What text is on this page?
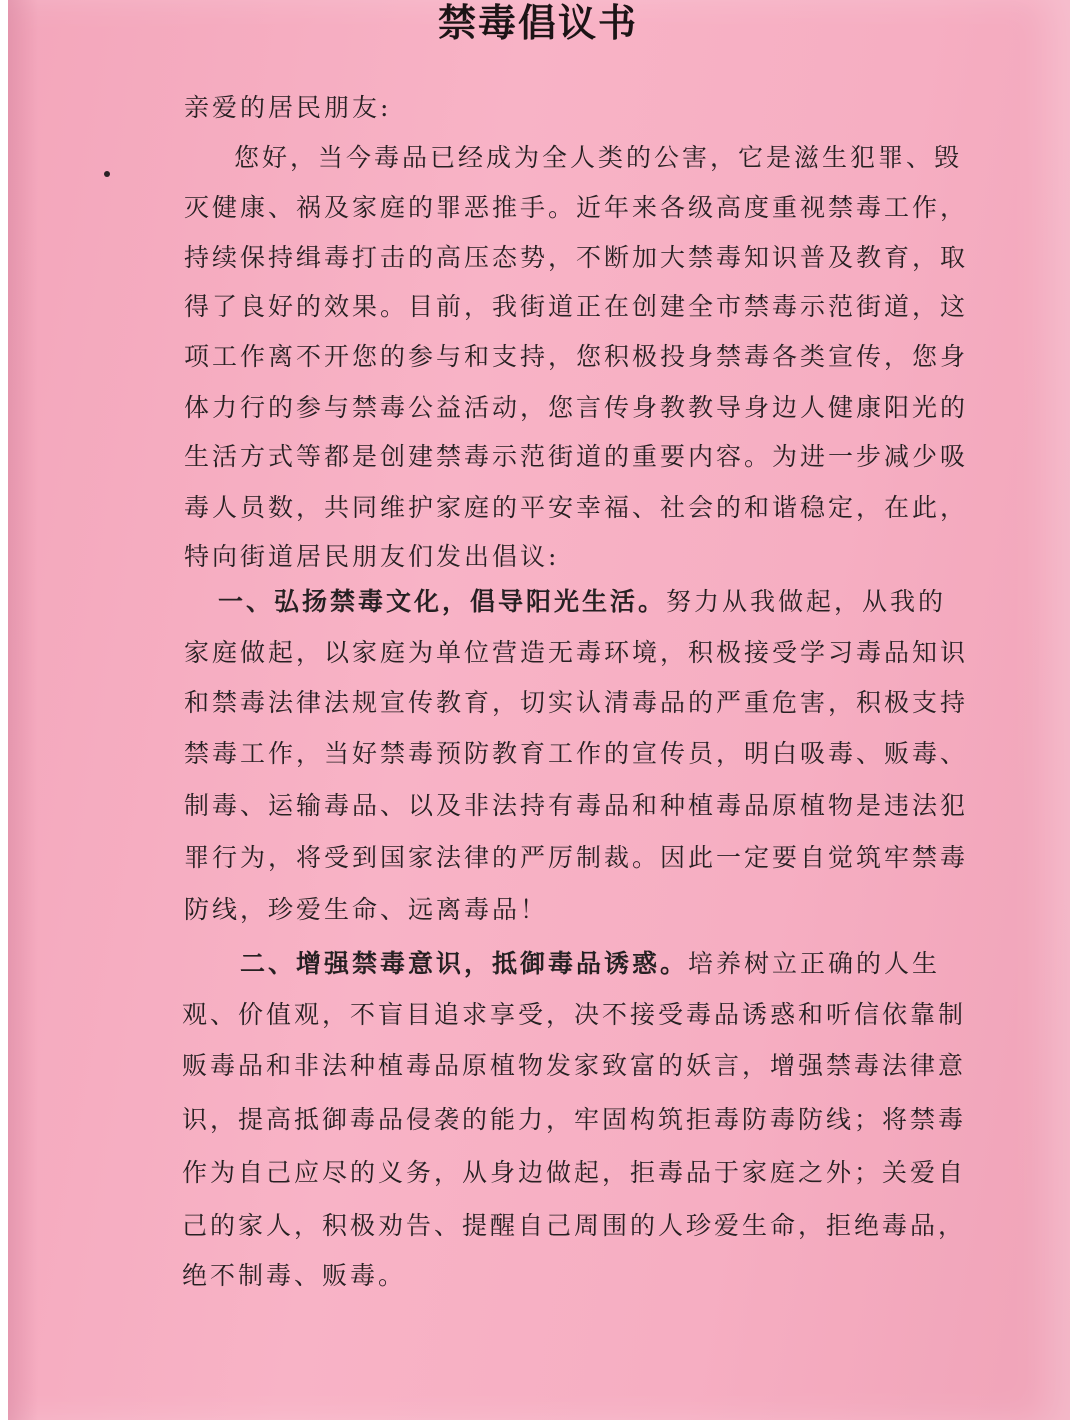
禁毒倡议书
亲爱的居民朋友:
您好，当今毒品已经成为全人类的公害，它是滋生犯罪、毁
灭健康、祸及家庭的罪恶推手。近年来各级高度重视禁毒工作，
持续保持缉毒打击的高压态势，不断加大禁毒知识普及教育，取
得了良好的效果。目前，我街道正在创建全市禁毒示范街道，这
项工作离不开您的参与和支持，您积极投身禁毒各类宣传，您身
体力行的参与禁毒公益活动，您言传身教教导身边人健康阳光的
生活方式等都是创建禁毒示范街道的重要内容。为进一步减少吸
毒人员数，共同维护家庭的平安幸福、社会的和谐稳定，在此，
特向街道居民朋友们发出倡议:
一、弘扬禁毒文化，倡导阳光生活。努力从我做起，从我的
家庭做起，以家庭为单位营造无毒环境，积极接受学习毒品知识
和禁毒法律法规宣传教育，切实认清毒品的严重危害，积极支持
禁毒工作，当好禁毒预防教育工作的宣传员，明白吸毒、贩毒、
制毒、运输毒品、以及非法持有毒品和种植毒品原植物是违法犯
罪行为，将受到国家法律的严厉制裁。因此一定要自觉筑牢禁毒
防线，珍爱生命、远离毒品！
二、增强禁毒意识，抵御毒品诱惑。培养树立正确的人生
观、价值观，不盲目追求享受，决不接受毒品诱惑和听信依靠制
贩毒品和非法种植毒品原植物发家致富的妖言，增强禁毒法律意
识，提高抵御毒品侵袭的能力，牢固构筑拒毒防毒防线；将禁毒
作为自己应尽的义务，从身边做起，拒毒品于家庭之外；关爱自
己的家人，积极劝告、提醒自己周围的人珍爱生命，拒绝毒品，
绝不制毒、贩毒。
